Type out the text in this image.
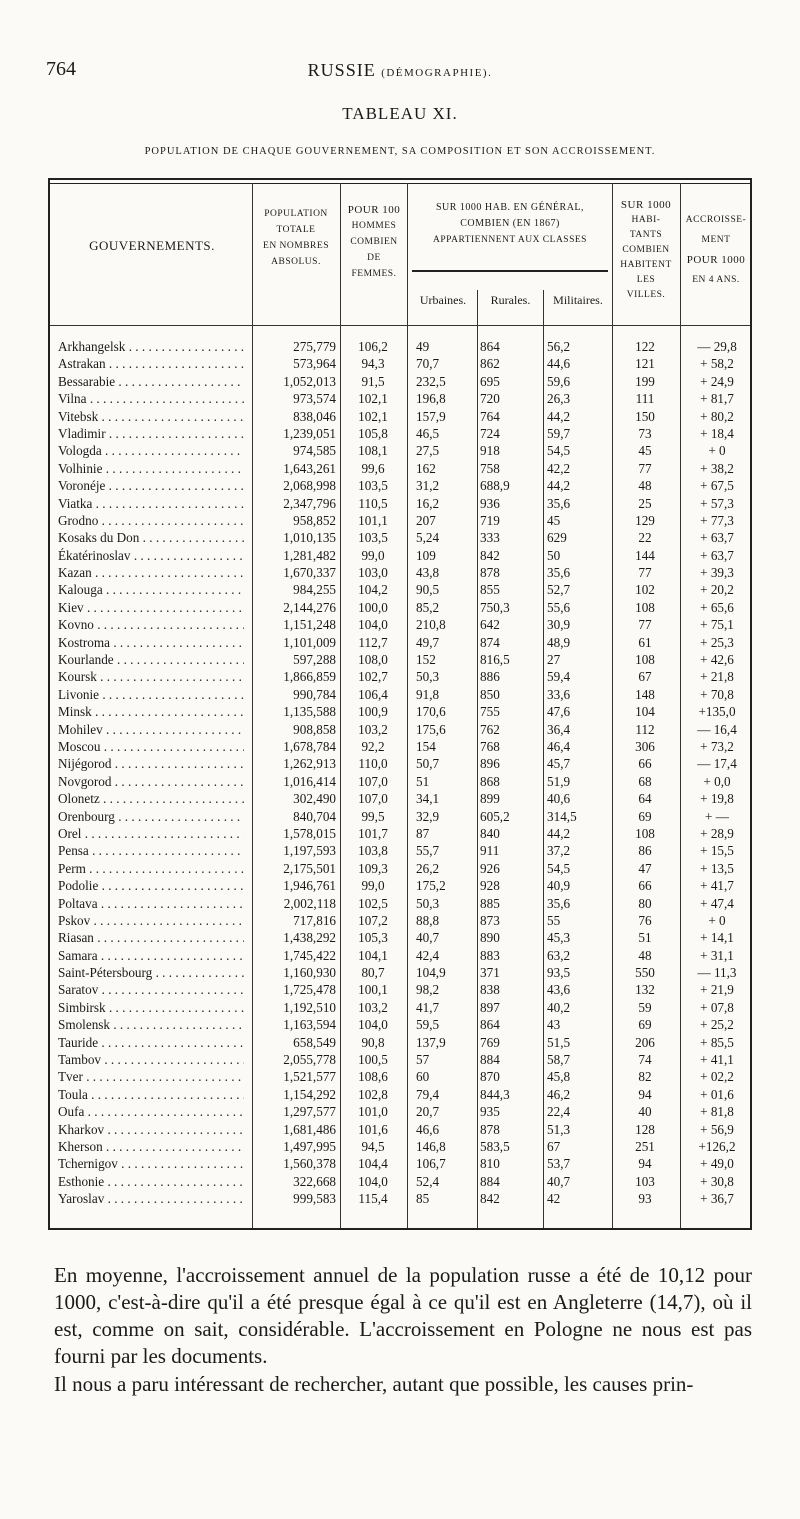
764	RUSSIE (DÉMOGRAPHIE).
TABLEAU XI.
POPULATION DE CHAQUE GOUVERNEMENT, SA COMPOSITION ET SON ACCROISSEMENT.
GOUVERNEMENTS.
POPULATION
TOTALE
EN NOMBRES
ABSOLUS.
POUR 100
HOMMES
COMBIEN
DE
FEMMES.
SUR 1000 HAB. EN GÉNÉRAL,
COMBIEN (EN 1867)
APPARTIENNENT AUX CLASSES
Urbaines.	Rurales.	Militaires.
SUR 1000
HABI-
TANTS
COMBIEN
HABITENT
LES
VILLES.
ACCROISSE-
MENT
POUR 1000
EN 4 ANS.
Arkhangelsk . . .	275,779	106,2	49	864	56,2	122	— 29,8
Astrakan . . .	573,964	94,3	70,7	862	44,6	121	+ 58,2
Bessarabie . . .	1,052,013	91,5	232,5	695	59,6	199	+ 24,9
Vilna . . .	973,574	102,1	196,8	720	26,3	111	+ 81,7
Vitebsk . . .	838,046	102,1	157,9	764	44,2	150	+ 80,2
Vladimir . . .	1,239,051	105,8	46,5	724	59,7	73	+ 18,4
Vologda . . .	974,585	108,1	27,5	918	54,5	45	+ 0
Volhinie . . .	1,643,261	99,6	162	758	42,2	77	+ 38,2
Voronéje . . .	2,068,998	103,5	31,2	688,9	44,2	48	+ 67,5
Viatka . . .	2,347,796	110,5	16,2	936	35,6	25	+ 57,3
Grodno . . .	958,852	101,1	207	719	45	129	+ 77,3
Kosaks du Don . . .	1,010,135	103,5	5,24	333	629	22	+ 63,7
Ékatérinoslav . . .	1,281,482	99,0	109	842	50	144	+ 63,7
Kazan . . .	1,670,337	103,0	43,8	878	35,6	77	+ 39,3
Kalouga . . .	984,255	104,2	90,5	855	52,7	102	+ 20,2
Kiev . . .	2,144,276	100,0	85,2	750,3	55,6	108	+ 65,6
Kovno . . .	1,151,248	104,0	210,8	642	30,9	77	+ 75,1
Kostroma . . .	1,101,009	112,7	49,7	874	48,9	61	+ 25,3
Kourlande . . .	597,288	108,0	152	816,5	27	108	+ 42,6
Koursk . . .	1,866,859	102,7	50,3	886	59,4	67	+ 21,8
Livonie . . .	990,784	106,4	91,8	850	33,6	148	+ 70,8
Minsk . . .	1,135,588	100,9	170,6	755	47,6	104	+135,0
Mohilev . . .	908,858	103,2	175,6	762	36,4	112	— 16,4
Moscou . . .	1,678,784	92,2	154	768	46,4	306	+ 73,2
Nijégorod . . .	1,262,913	110,0	50,7	896	45,7	66	— 17,4
Novgorod . . .	1,016,414	107,0	51	868	51,9	68	+ 0,0
Olonetz . . .	302,490	107,0	34,1	899	40,6	64	+ 19,8
Orenbourg . . .	840,704	99,5	32,9	605,2	314,5	69	+ —
Orel . . .	1,578,015	101,7	87	840	44,2	108	+ 28,9
Pensa . . .	1,197,593	103,8	55,7	911	37,2	86	+ 15,5
Perm . . .	2,175,501	109,3	26,2	926	54,5	47	+ 13,5
Podolie . . .	1,946,761	99,0	175,2	928	40,9	66	+ 41,7
Poltava . . .	2,002,118	102,5	50,3	885	35,6	80	+ 47,4
Pskov . . .	717,816	107,2	88,8	873	55	76	+ 0
Riasan . . .	1,438,292	105,3	40,7	890	45,3	51	+ 14,1
Samara . . .	1,745,422	104,1	42,4	883	63,2	48	+ 31,1
Saint-Pétersbourg . . .	1,160,930	80,7	104,9	371	93,5	550	— 11,3
Saratov . . .	1,725,478	100,1	98,2	838	43,6	132	+ 21,9
Simbirsk . . .	1,192,510	103,2	41,7	897	40,2	59	+ 07,8
Smolensk . . .	1,163,594	104,0	59,5	864	43	69	+ 25,2
Tauride . . .	658,549	90,8	137,9	769	51,5	206	+ 85,5
Tambov . . .	2,055,778	100,5	57	884	58,7	74	+ 41,1
Tver . . .	1,521,577	108,6	60	870	45,8	82	+ 02,2
Toula . . .	1,154,292	102,8	79,4	844,3	46,2	94	+ 01,6
Oufa . . .	1,297,577	101,0	20,7	935	22,4	40	+ 81,8
Kharkov . . .	1,681,486	101,6	46,6	878	51,3	128	+ 56,9
Kherson . . .	1,497,995	94,5	146,8	583,5	67	251	+126,2
Tchernigov . . .	1,560,378	104,4	106,7	810	53,7	94	+ 49,0
Esthonie . . .	322,668	104,0	52,4	884	40,7	103	+ 30,8
Yaroslav . . .	999,583	115,4	85	842	42	93	+ 36,7
En moyenne, l'accroissement annuel de la population russe a été de 10,12 pour 1000, c'est-à-dire qu'il a été presque égal à ce qu'il est en Angleterre (14,7), où il est, comme on sait, considérable. L'accroissement en Pologne ne nous est pas fourni par les documents.
Il nous a paru intéressant de rechercher, autant que possible, les causes prin-
